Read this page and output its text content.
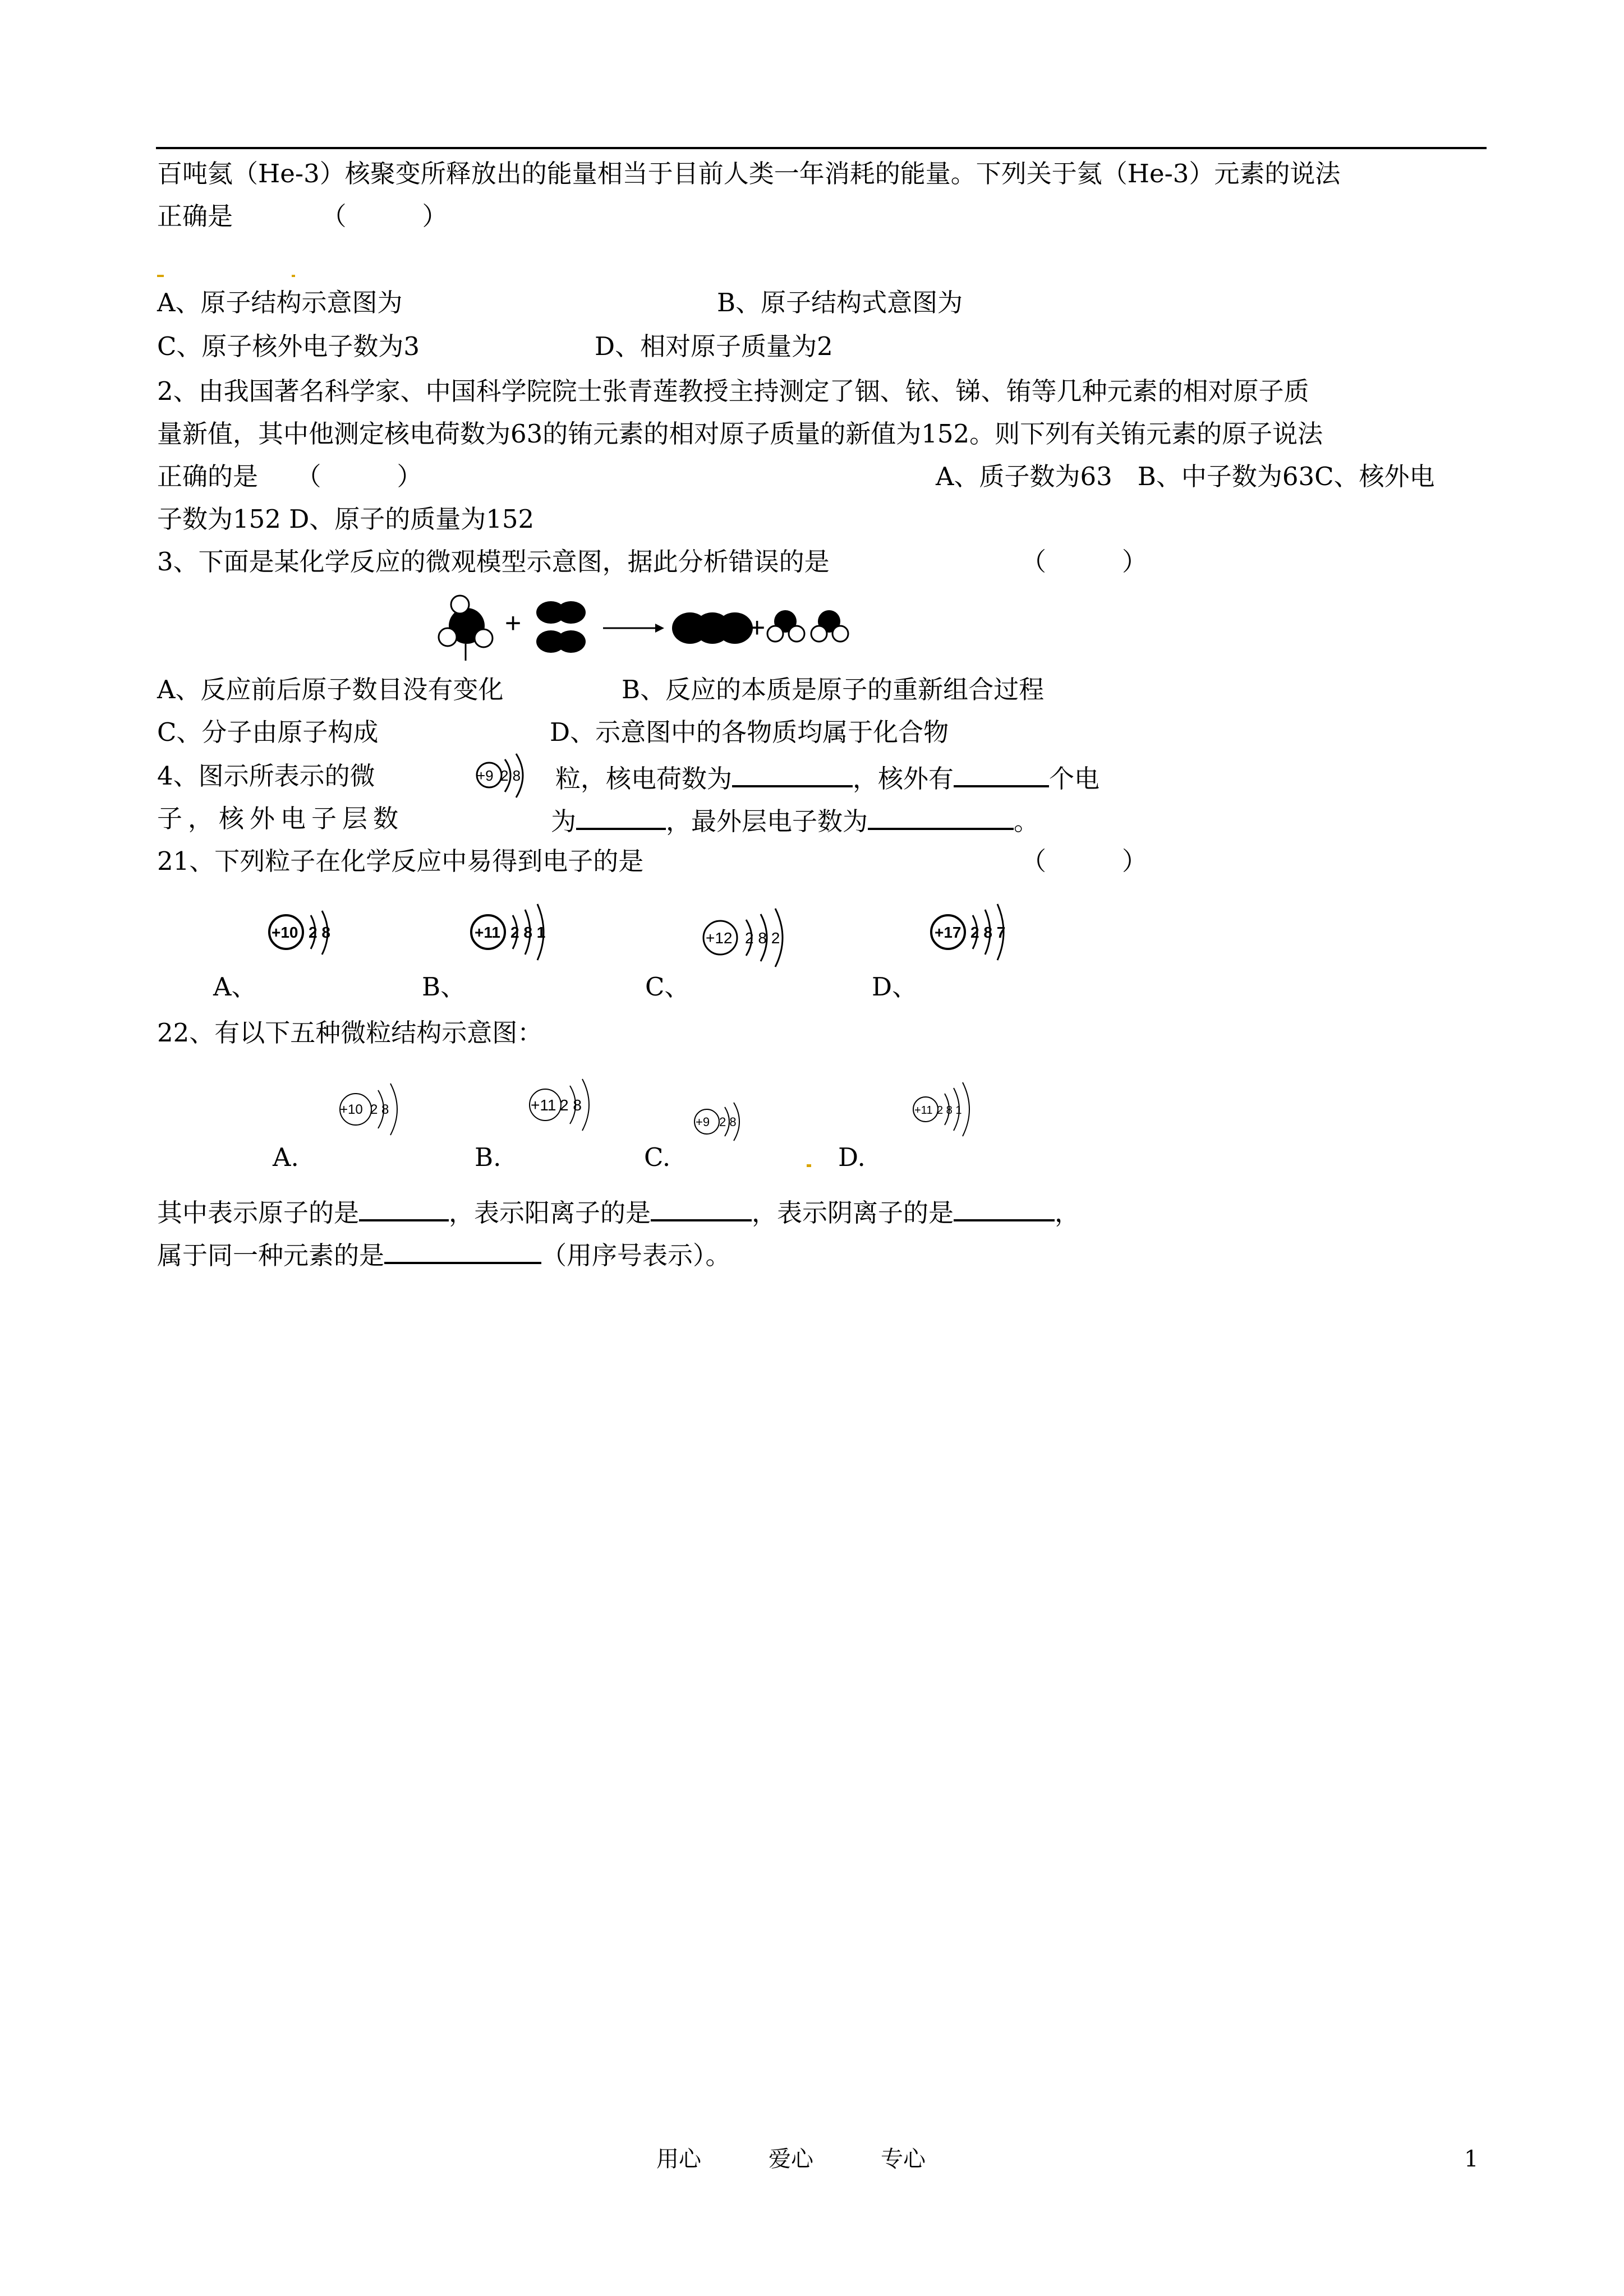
百吨氦（He-3）核聚变所释放出的能量相当于目前人类一年消耗的能量。下列关于氦（He-3）元素的说法
正确是　　　　（　　　）
A、原子结构示意图为	B、原子结构式意图为
C、原子核外电子数为3	D、相对原子质量为2
2、由我国著名科学家、中国科学院院士张青莲教授主持测定了铟、铱、锑、铕等几种元素的相对原子质
量新值，其中他测定核电荷数为63的铕元素的相对原子质量的新值为152。则下列有关铕元素的原子说法
正确的是　　（　　　）	A、质子数为63　B、中子数为63C、核外电
子数为152 D、原子的质量为152
3、下面是某化学反应的微观模型示意图，据此分析错误的是	（　　　）
+	+
A、反应前后原子数目没有变化	B、反应的本质是原子的重新组合过程
C、分子由原子构成	D、示意图中的各物质均属于化合物
4、图示所表示的微	+9 2 8 粒，核电荷数为	，核外有	个电
子，核外电子层数	为	，最外层电子数为	。
21、下列粒子在化学反应中易得到电子的是	（　　　）
+10 2 8
A、
+11 2 8 1
B、
+12 2 8 2
C、
+17 2 8 7
D、
22、有以下五种微粒结构示意图：
+10 2 8
A.
+11 2 8
B.
+9 2 8
C.
+11 2 8 1
D.
其中表示原子的是	，表示阳离子的是	，表示阴离子的是	，
属于同一种元素的是	（用序号表示）。
用心	爱心	专心	1
